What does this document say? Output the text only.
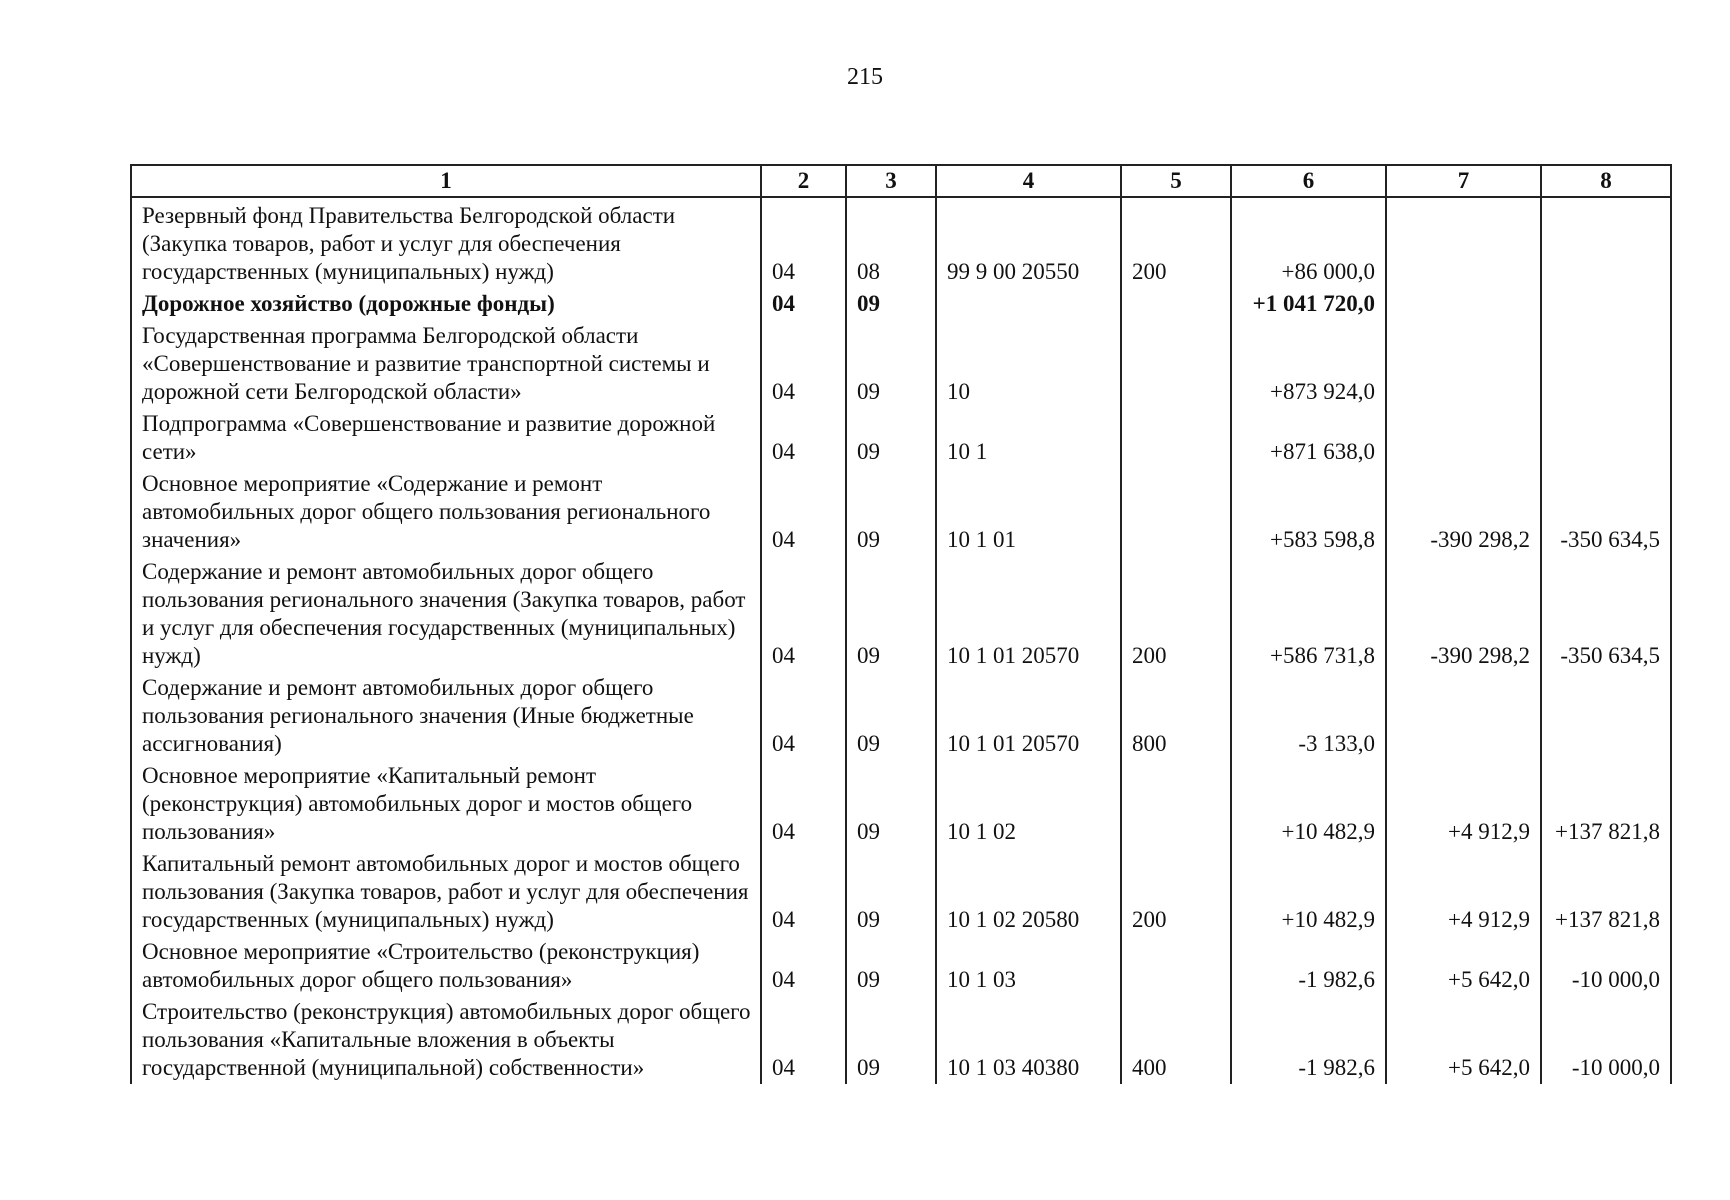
215
1	2	3	4	5	6	7	8
Резервный фонд Правительства Белгородской области (Закупка товаров, работ и услуг для обеспечения государственных (муниципальных) нужд)	04	08	99 9 00 20550	200	+86 000,0		
Дорожное хозяйство (дорожные фонды)	04	09			+1 041 720,0		
Государственная программа Белгородской области «Совершенствование и развитие транспортной системы и дорожной сети Белгородской области»	04	09	10		+873 924,0		
Подпрограмма «Совершенствование и развитие дорожной сети»	04	09	10 1		+871 638,0		
Основное мероприятие «Содержание и ремонт автомобильных дорог общего пользования регионального значения»	04	09	10 1 01		+583 598,8	-390 298,2	-350 634,5
Содержание и ремонт автомобильных дорог общего пользования регионального значения (Закупка товаров, работ и услуг для обеспечения государственных (муниципальных) нужд)	04	09	10 1 01 20570	200	+586 731,8	-390 298,2	-350 634,5
Содержание и ремонт автомобильных дорог общего пользования регионального значения (Иные бюджетные ассигнования)	04	09	10 1 01 20570	800	-3 133,0		
Основное мероприятие «Капитальный ремонт (реконструкция) автомобильных дорог и мостов общего пользования»	04	09	10 1 02		+10 482,9	+4 912,9	+137 821,8
Капитальный ремонт автомобильных дорог и мостов общего пользования (Закупка товаров, работ и услуг для обеспечения государственных (муниципальных) нужд)	04	09	10 1 02 20580	200	+10 482,9	+4 912,9	+137 821,8
Основное мероприятие «Строительство (реконструкция) автомобильных дорог общего пользования»	04	09	10 1 03		-1 982,6	+5 642,0	-10 000,0
Строительство (реконструкция) автомобильных дорог общего пользования «Капитальные вложения в объекты государственной (муниципальной) собственности»	04	09	10 1 03 40380	400	-1 982,6	+5 642,0	-10 000,0
